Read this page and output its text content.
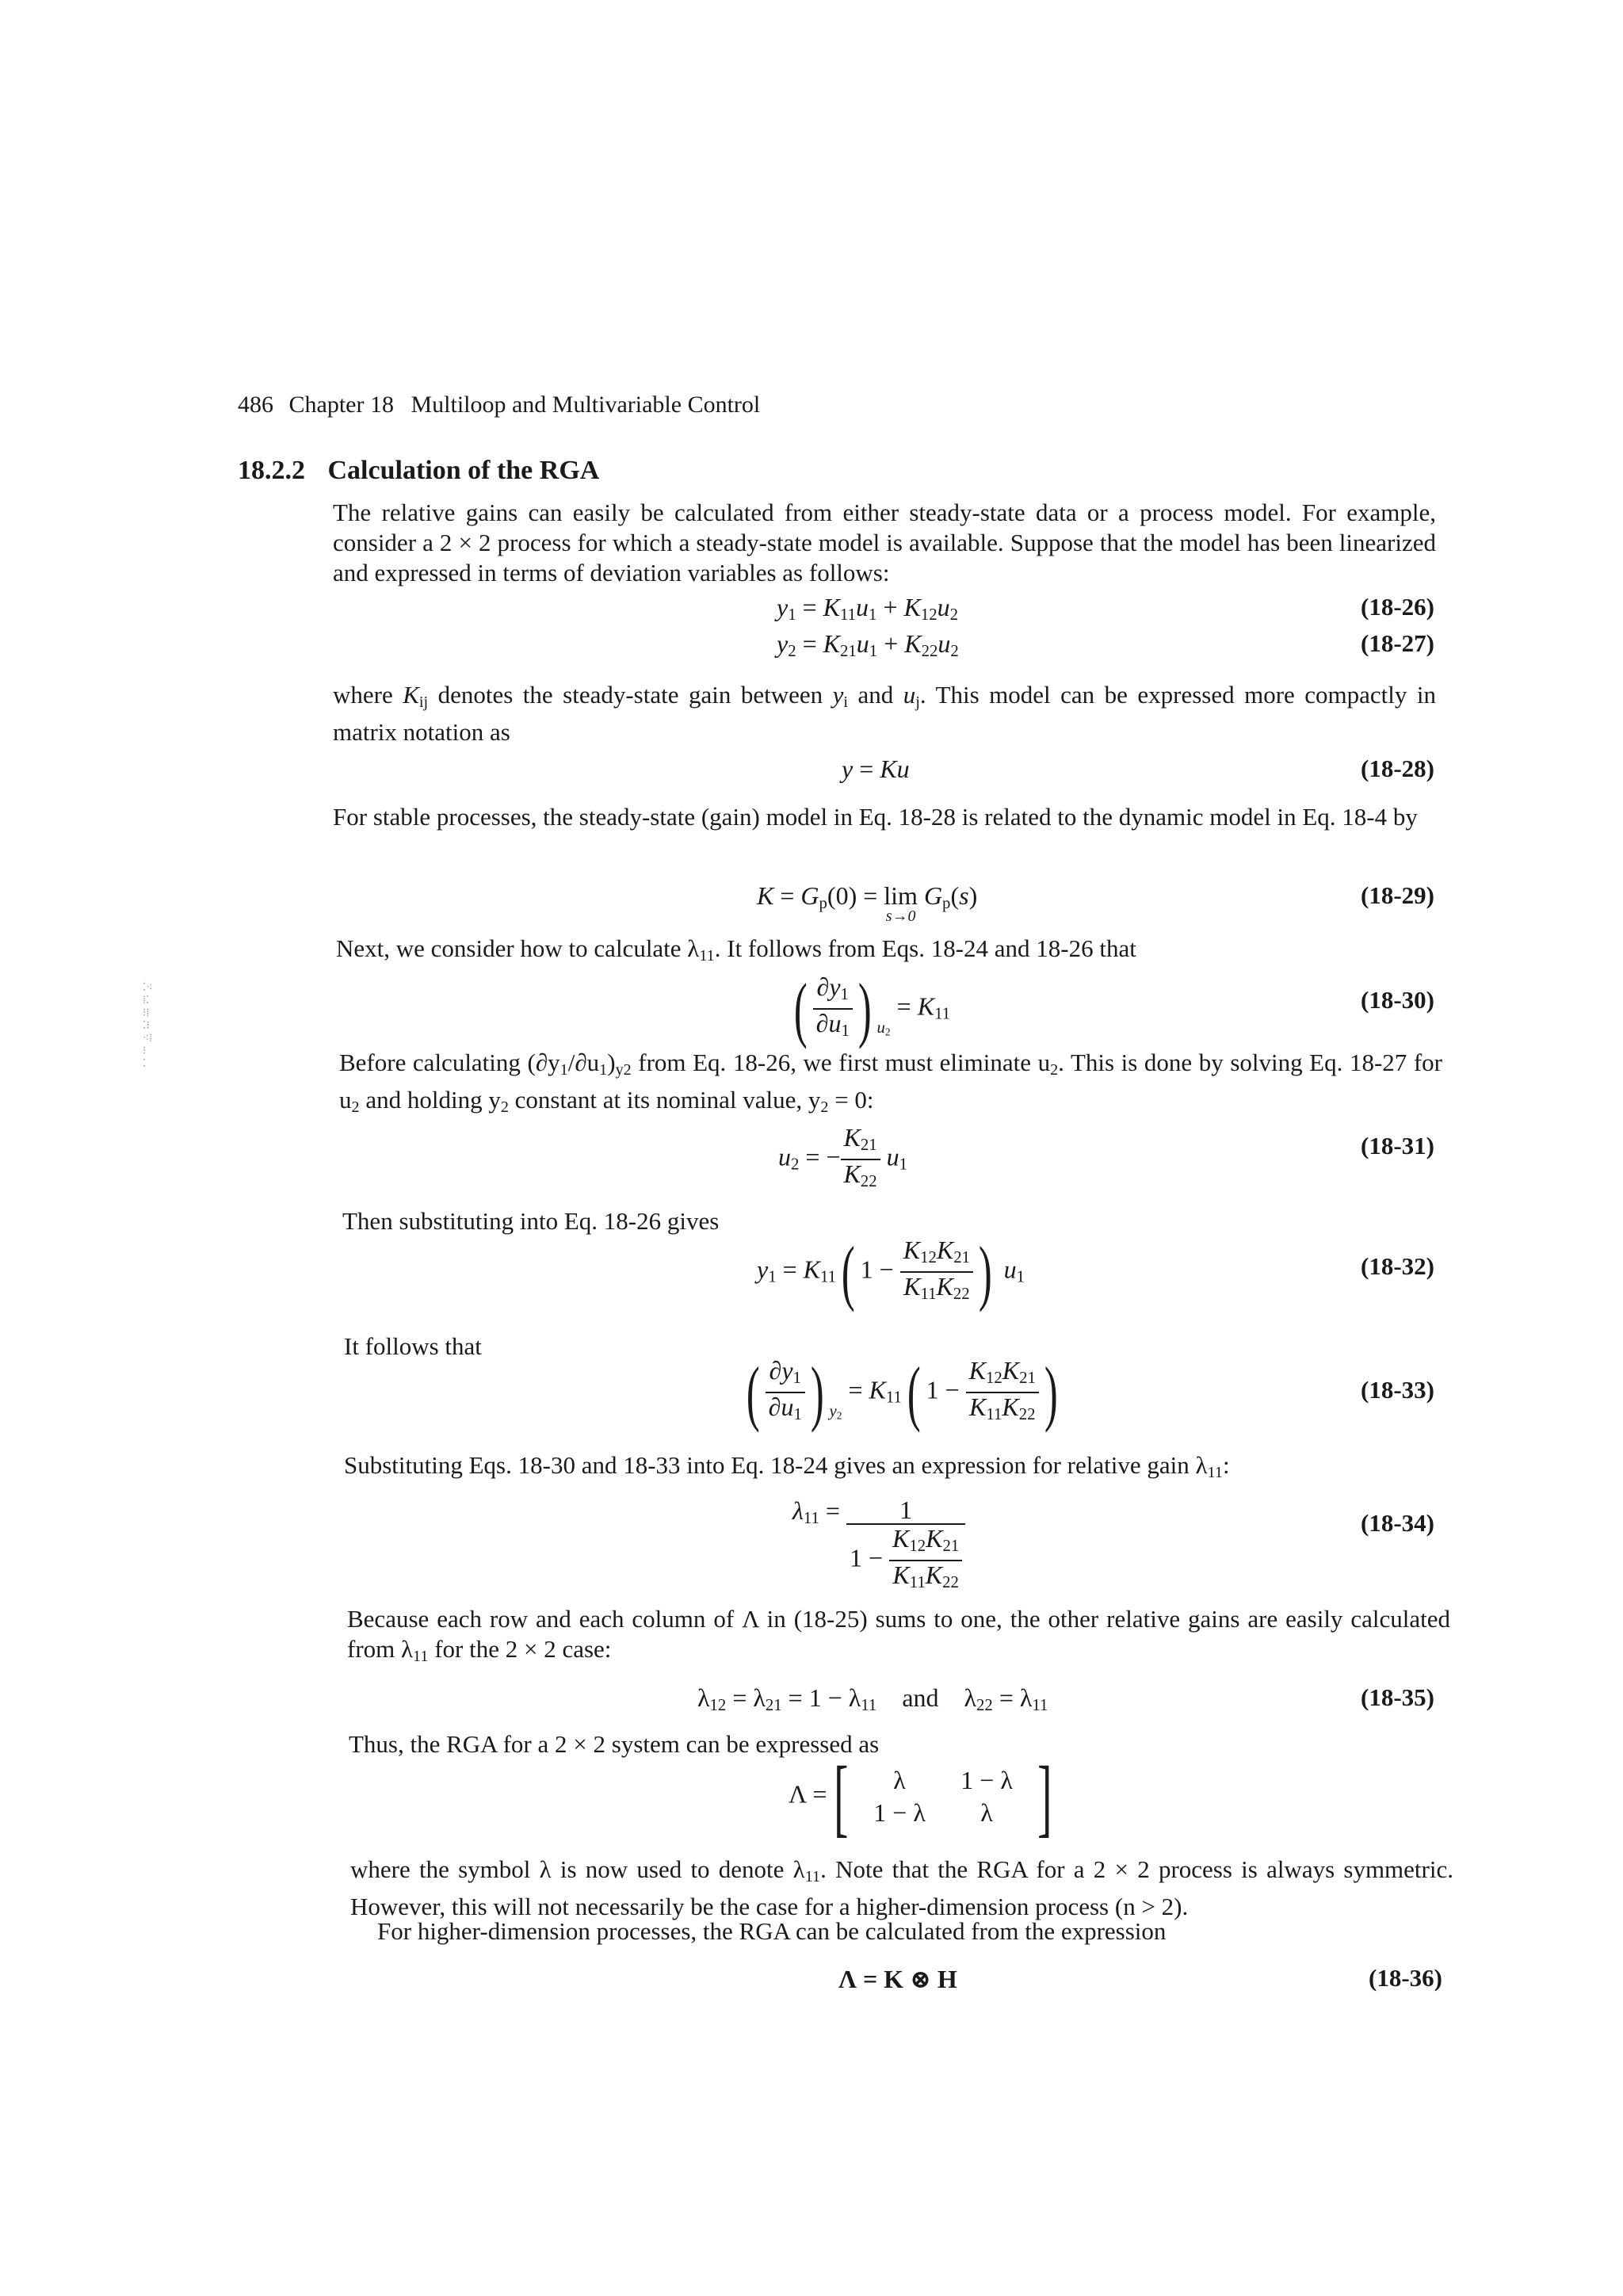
⁚⁖
⁞⁚
⁝⁞
⁚⁝
⁖⁞
⁝
⁚
486 Chapter 18 Multiloop and Multivariable Control
18.2.2 Calculation of the RGA
The relative gains can easily be calculated from either steady-state data or a process model. For example, consider a 2 × 2 process for which a steady-state model is available. Suppose that the model has been linearized and expressed in terms of deviation variables as follows:
$y_1 = K_{11}u_1 + K_{12}u_2$	(18-26)
$y_2 = K_{21}u_1 + K_{22}u_2$	(18-27)
where $K_{ij}$ denotes the steady-state gain between $y_i$ and $u_j$. This model can be expressed more compactly in matrix notation as
y = Ku	(18-28)
For stable processes, the steady-state (gain) model in Eq. 18-28 is related to the dynamic model in Eq. 18-4 by
$K = G_p(0) = \lim$
s→0
$G_p(s)$	(18-29)
Next, we consider how to calculate $\lambda_{11}$. It follows from Eqs. 18-24 and 18-26 that
( $\frac{\partial y_1}{\partial u_1}$ ) $_{u_2} = K_{11}$
(18-30)
Before calculating $(\partial y_1/\partial u_1)_{y2}$ from Eq. 18-26, we first must eliminate $u_2$. This is done by solving Eq. 18-27 for $u_2$ and holding $y_2$ constant at its nominal value, $y_2 = 0$:
$u_2$ = − $\frac{K_{21}}{K_{22}} u_1$
(18-31)
Then substituting into Eq. 18-26 gives
$y_1 = K_{11}$( $1 - \frac{K_{12}K_{21}}{K_{11}K_{22}}$ ) $u_1$	(18-32)
It follows that
( $\frac{\partial y_1}{\partial u_1}$ ) $_{y_2} = K_{11}$( $1 - \frac{K_{12}K_{21}}{K_{11}K_{22}}$ )	(18-33)
Substituting Eqs. 18-30 and 18-33 into Eq. 18-24 gives an expression for relative gain $\lambda_{11}$:
$\lambda_{11} = \frac{1}{1 - \frac{K_{12}K_{21}}{K_{11}K_{22}}}$	(18-34)
Because each row and each column of Λ in (18-25) sums to one, the other relative gains are easily calculated from $\lambda_{11}$ for the 2 × 2 case:
$\lambda_{12} = \lambda_{21} = 1 - \lambda_{11}$ and $\lambda_{22} = \lambda_{11}$	(18-35)
Thus, the RGA for a 2 × 2 system can be expressed as
Λ =[	λ	1 − λ
1 − λ	λ ]
where the symbol λ is now used to denote $\lambda_{11}$. Note that the RGA for a 2 × 2 process is always symmetric. However, this will not necessarily be the case for a higher-dimension process (n > 2).
For higher-dimension processes, the RGA can be calculated from the expression
Λ = K ⊗ H	(18-36)
